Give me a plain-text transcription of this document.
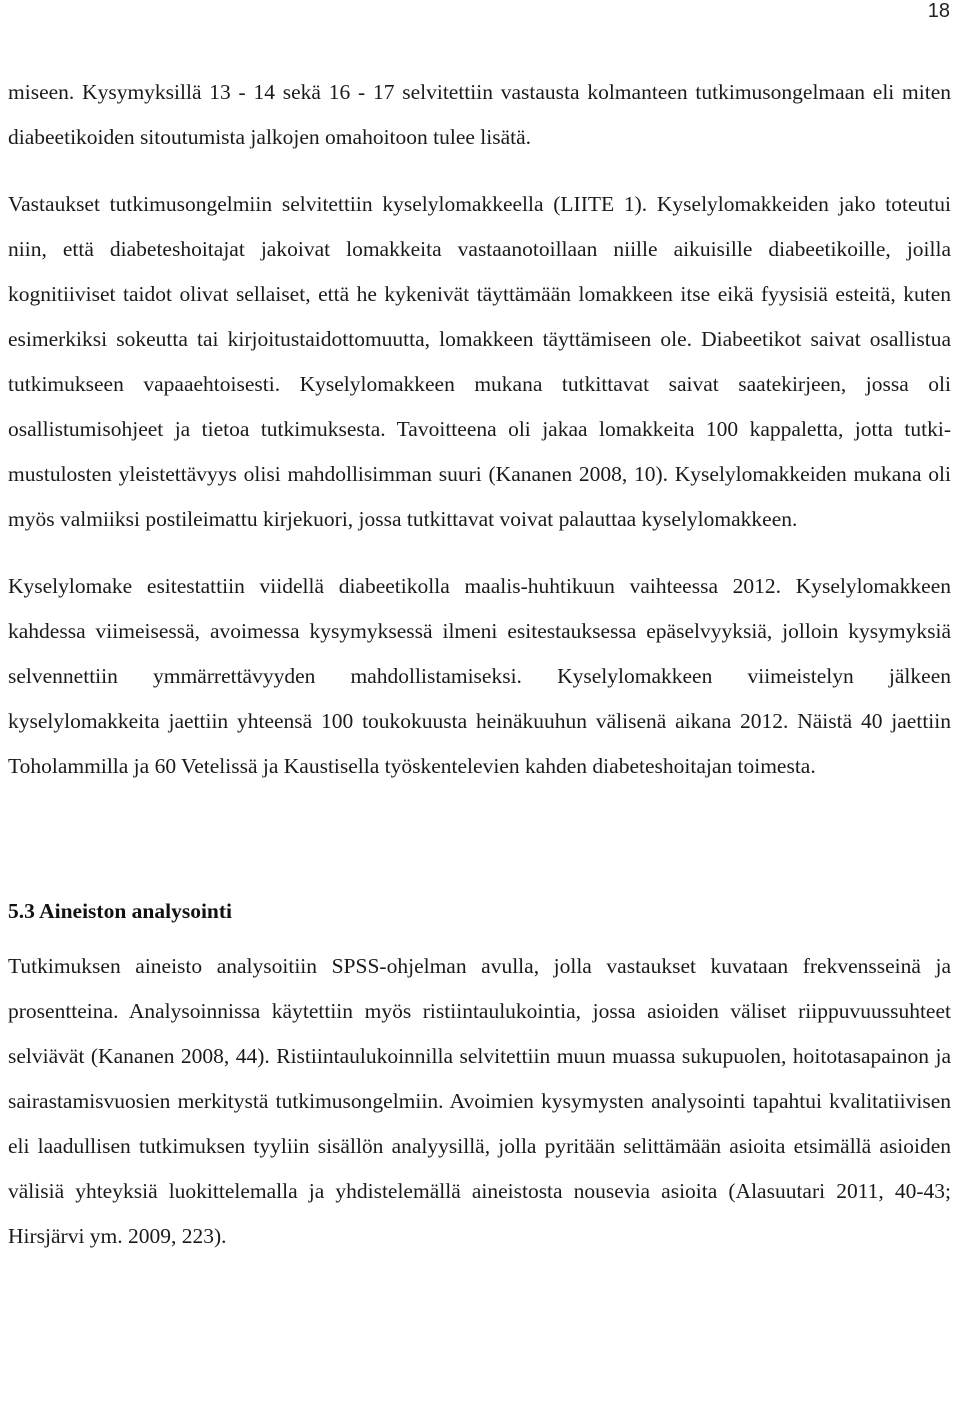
18

miseen. Kysymyksillä 13 - 14 sekä 16 - 17 selvitettiin vastausta kolmanteen tutkimusongelmaan eli miten diabeetikoiden sitoutumista jalkojen omahoitoon tulee lisätä.

Vastaukset tutkimusongelmiin selvitettiin kyselylomakkeella (LIITE 1). Kyselylomakkeiden jako toteutui niin, että diabeteshoitajat jakoivat lomakkeita vastaanotoillaan niille aikuisille diabeetikoille, joilla kognitiiviset taidot olivat sellaiset, että he kykenivät täyttämään lomakkeen itse eikä fyysisiä esteitä, kuten esimerkiksi sokeutta tai kirjoitustaidottomuutta, lomakkeen täyttämiseen ole. Diabeetikot saivat osallistua tutkimukseen vapaaehtoisesti. Kyselylomakkeen mukana tutkittavat saivat saatekirjeen, jossa oli osallistumisohjeet ja tietoa tutkimuksesta. Tavoitteena oli jakaa lomakkeita 100 kappaletta, jotta tutkimustulosten yleistettävyys olisi mahdollisimman suuri (Kananen 2008, 10). Kyselylomakkeiden mukana oli myös valmiiksi postileimattu kirjekuori, jossa tutkittavat voivat palauttaa kyselylomakkeen.

Kyselylomake esitestattiin viidellä diabeetikolla maalis-huhtikuun vaihteessa 2012. Kyselylomakkeen kahdessa viimeisessä, avoimessa kysymyksessä ilmeni esitestauksessa epäselvyyksiä, jolloin kysymyksiä selvennettiin ymmärrettävyyden mahdollistamiseksi. Kyselylomakkeen viimeistelyn jälkeen kyselylomakkeita jaettiin yhteensä 100 toukokuusta heinäkuuhun välisenä aikana 2012. Näistä 40 jaettiin Toholammilla ja 60 Vetelissä ja Kaustisella työskentelevien kahden diabeteshoitajan toimesta.

5.3 Aineiston analysointi

Tutkimuksen aineisto analysoitiin SPSS-ohjelman avulla, jolla vastaukset kuvataan frekvensseinä ja prosentteina. Analysoinnissa käytettiin myös ristiintaulukointia, jossa asioiden väliset riippuvuussuhteet selviävät (Kananen 2008, 44). Ristiintaulukoinnilla selvitettiin muun muassa sukupuolen, hoitotasapainon ja sairastamisvuosien merkitystä tutkimusongelmiin. Avoimien kysymysten analysointi tapahtui kvalitatiivisen eli laadullisen tutkimuksen tyyliin sisällön analyysillä, jolla pyritään selittämään asioita etsimällä asioiden välisiä yhteyksiä luokittelemalla ja yhdistelemällä aineistosta nousevia asioita (Alasuutari 2011, 40-43; Hirsjärvi ym. 2009, 223).
